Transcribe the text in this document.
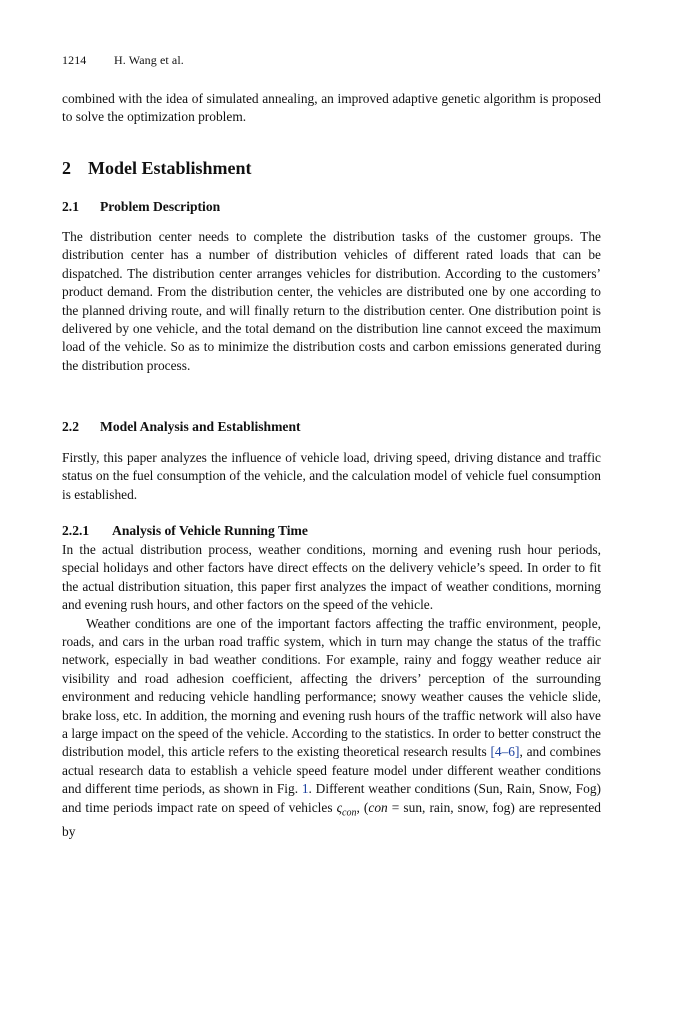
1214 H. Wang et al.

combined with the idea of simulated annealing, an improved adaptive genetic algorithm is proposed to solve the optimization problem.

2 Model Establishment
2.1 Problem Description

The distribution center needs to complete the distribution tasks of the customer groups. The distribution center has a number of distribution vehicles of different rated loads that can be dispatched. The distribution center arranges vehicles for distribution. According to the customers’ product demand. From the distribution center, the vehicles are distributed one by one according to the planned driving route, and will finally return to the distribution center. One distribution point is delivered by one vehicle, and the total demand on the distribution line cannot exceed the maximum load of the vehicle. So as to minimize the distribution costs and carbon emissions generated during the distribution process.

2.2 Model Analysis and Establishment

Firstly, this paper analyzes the influence of vehicle load, driving speed, driving distance and traffic status on the fuel consumption of the vehicle, and the calculation model of vehicle fuel consumption is established.

2.2.1 Analysis of Vehicle Running Time

In the actual distribution process, weather conditions, morning and evening rush hour periods, special holidays and other factors have direct effects on the delivery vehicle’s speed. In order to fit the actual distribution situation, this paper first analyzes the impact of weather conditions, morning and evening rush hours, and other factors on the speed of the vehicle.

Weather conditions are one of the important factors affecting the traffic environment, people, roads, and cars in the urban road traffic system, which in turn may change the status of the traffic network, especially in bad weather conditions. For example, rainy and foggy weather reduce air visibility and road adhesion coefficient, affecting the drivers’ perception of the surrounding environment and reducing vehicle handling performance; snowy weather causes the vehicle slide, brake loss, etc. In addition, the morning and evening rush hours of the traffic network will also have a large impact on the speed of the vehicle. According to the statistics. In order to better construct the distribution model, this article refers to the existing theoretical research results [4–6], and combines actual research data to establish a vehicle speed feature model under different weather conditions and different time periods, as shown in Fig. 1. Different weather conditions (Sun, Rain, Snow, Fog) and time periods impact rate on speed of vehicles $\varsigma_{con}$, (con = sun, rain, snow, fog) are represented by
